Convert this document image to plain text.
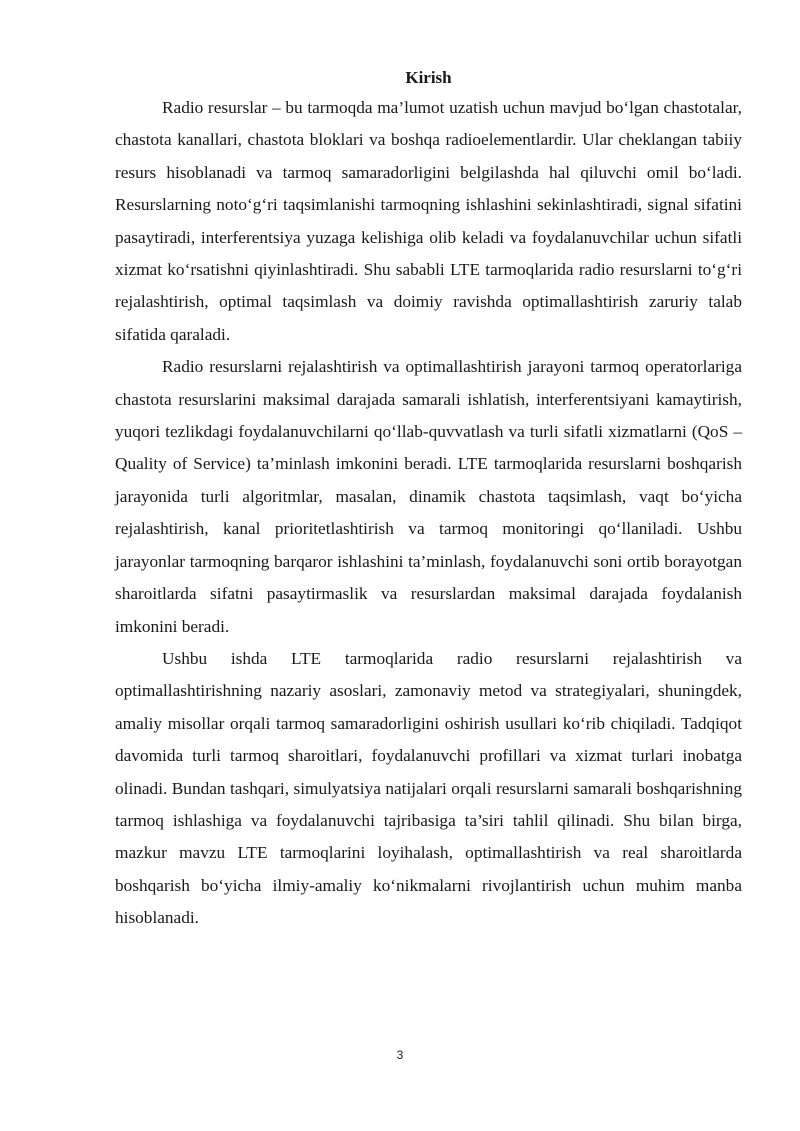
Kirish

Radio resurslar – bu tarmoqda ma’lumot uzatish uchun mavjud bo‘lgan chastotalar, chastota kanallari, chastota bloklari va boshqa radioelementlardir. Ular cheklangan tabiiy resurs hisoblanadi va tarmoq samaradorligini belgilashda hal qiluvchi omil bo‘ladi. Resurslarning noto‘g‘ri taqsimlanishi tarmoqning ishlashini sekinlashtiradi, signal sifatini pasaytiradi, interferentsiya yuzaga kelishiga olib keladi va foydalanuvchilar uchun sifatli xizmat ko‘rsatishni qiyinlashtiradi. Shu sababli LTE tarmoqlarida radio resurslarni to‘g‘ri rejalashtirish, optimal taqsimlash va doimiy ravishda optimallashtirish zaruriy talab sifatida qaraladi.

Radio resurslarni rejalashtirish va optimallashtirish jarayoni tarmoq operatorlariga chastota resurslarini maksimal darajada samarali ishlatish, interferentsiyani kamaytirish, yuqori tezlikdagi foydalanuvchilarni qo‘llab-quvvatlash va turli sifatli xizmatlarni (QoS – Quality of Service) ta’minlash imkonini beradi. LTE tarmoqlarida resurslarni boshqarish jarayonida turli algoritmlar, masalan, dinamik chastota taqsimlash, vaqt bo‘yicha rejalashtirish, kanal prioritetlashtirish va tarmoq monitoringi qo‘llaniladi. Ushbu jarayonlar tarmoqning barqaror ishlashini ta’minlash, foydalanuvchi soni ortib borayotgan sharoitlarda sifatni pasaytirmaslik va resurslardan maksimal darajada foydalanish imkonini beradi.

Ushbu ishda LTE tarmoqlarida radio resurslarni rejalashtirish va optimallashtirishning nazariy asoslari, zamonaviy metod va strategiyalari, shuningdek, amaliy misollar orqali tarmoq samaradorligini oshirish usullari ko‘rib chiqiladi. Tadqiqot davomida turli tarmoq sharoitlari, foydalanuvchi profillari va xizmat turlari inobatga olinadi. Bundan tashqari, simulyatsiya natijalari orqali resurslarni samarali boshqarishning tarmoq ishlashiga va foydalanuvchi tajribasiga ta’siri tahlil qilinadi. Shu bilan birga, mazkur mavzu LTE tarmoqlarini loyihalash, optimallashtirish va real sharoitlarda boshqarish bo‘yicha ilmiy-amaliy ko‘nikmalarni rivojlantirish uchun muhim manba hisoblanadi.

3
